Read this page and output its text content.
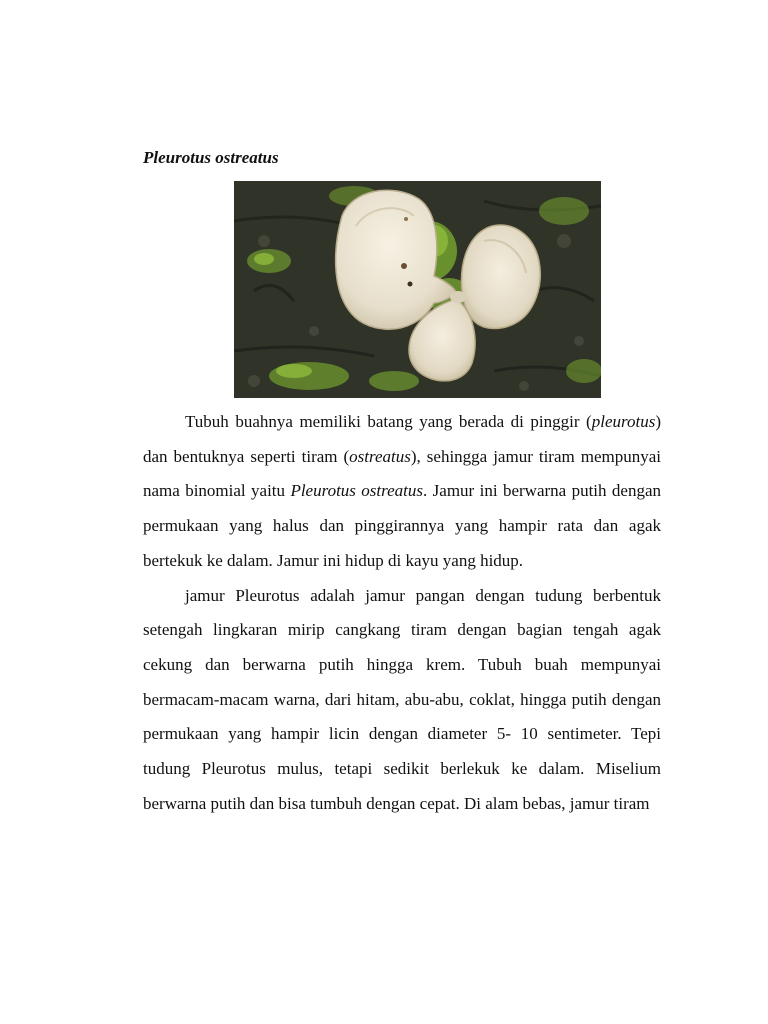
Pleurotus ostreatus

Tubuh buahnya memiliki batang yang berada di pinggir (pleurotus) dan bentuknya seperti tiram (ostreatus), sehingga jamur tiram mempunyai nama binomial yaitu Pleurotus ostreatus. Jamur ini berwarna putih dengan permukaan yang halus dan pinggirannya yang hampir rata dan agak bertekuk ke dalam. Jamur ini hidup di kayu yang hidup.

jamur Pleurotus adalah jamur pangan dengan tudung berbentuk setengah lingkaran mirip cangkang tiram dengan bagian tengah agak cekung dan berwarna putih hingga krem. Tubuh buah mempunyai bermacam-macam warna, dari hitam, abu-abu, coklat, hingga putih dengan permukaan yang hampir licin dengan diameter 5- 10 sentimeter. Tepi tudung Pleurotus mulus, tetapi sedikit berlekuk ke dalam. Miselium berwarna putih dan bisa tumbuh dengan cepat. Di alam bebas, jamur tiram
